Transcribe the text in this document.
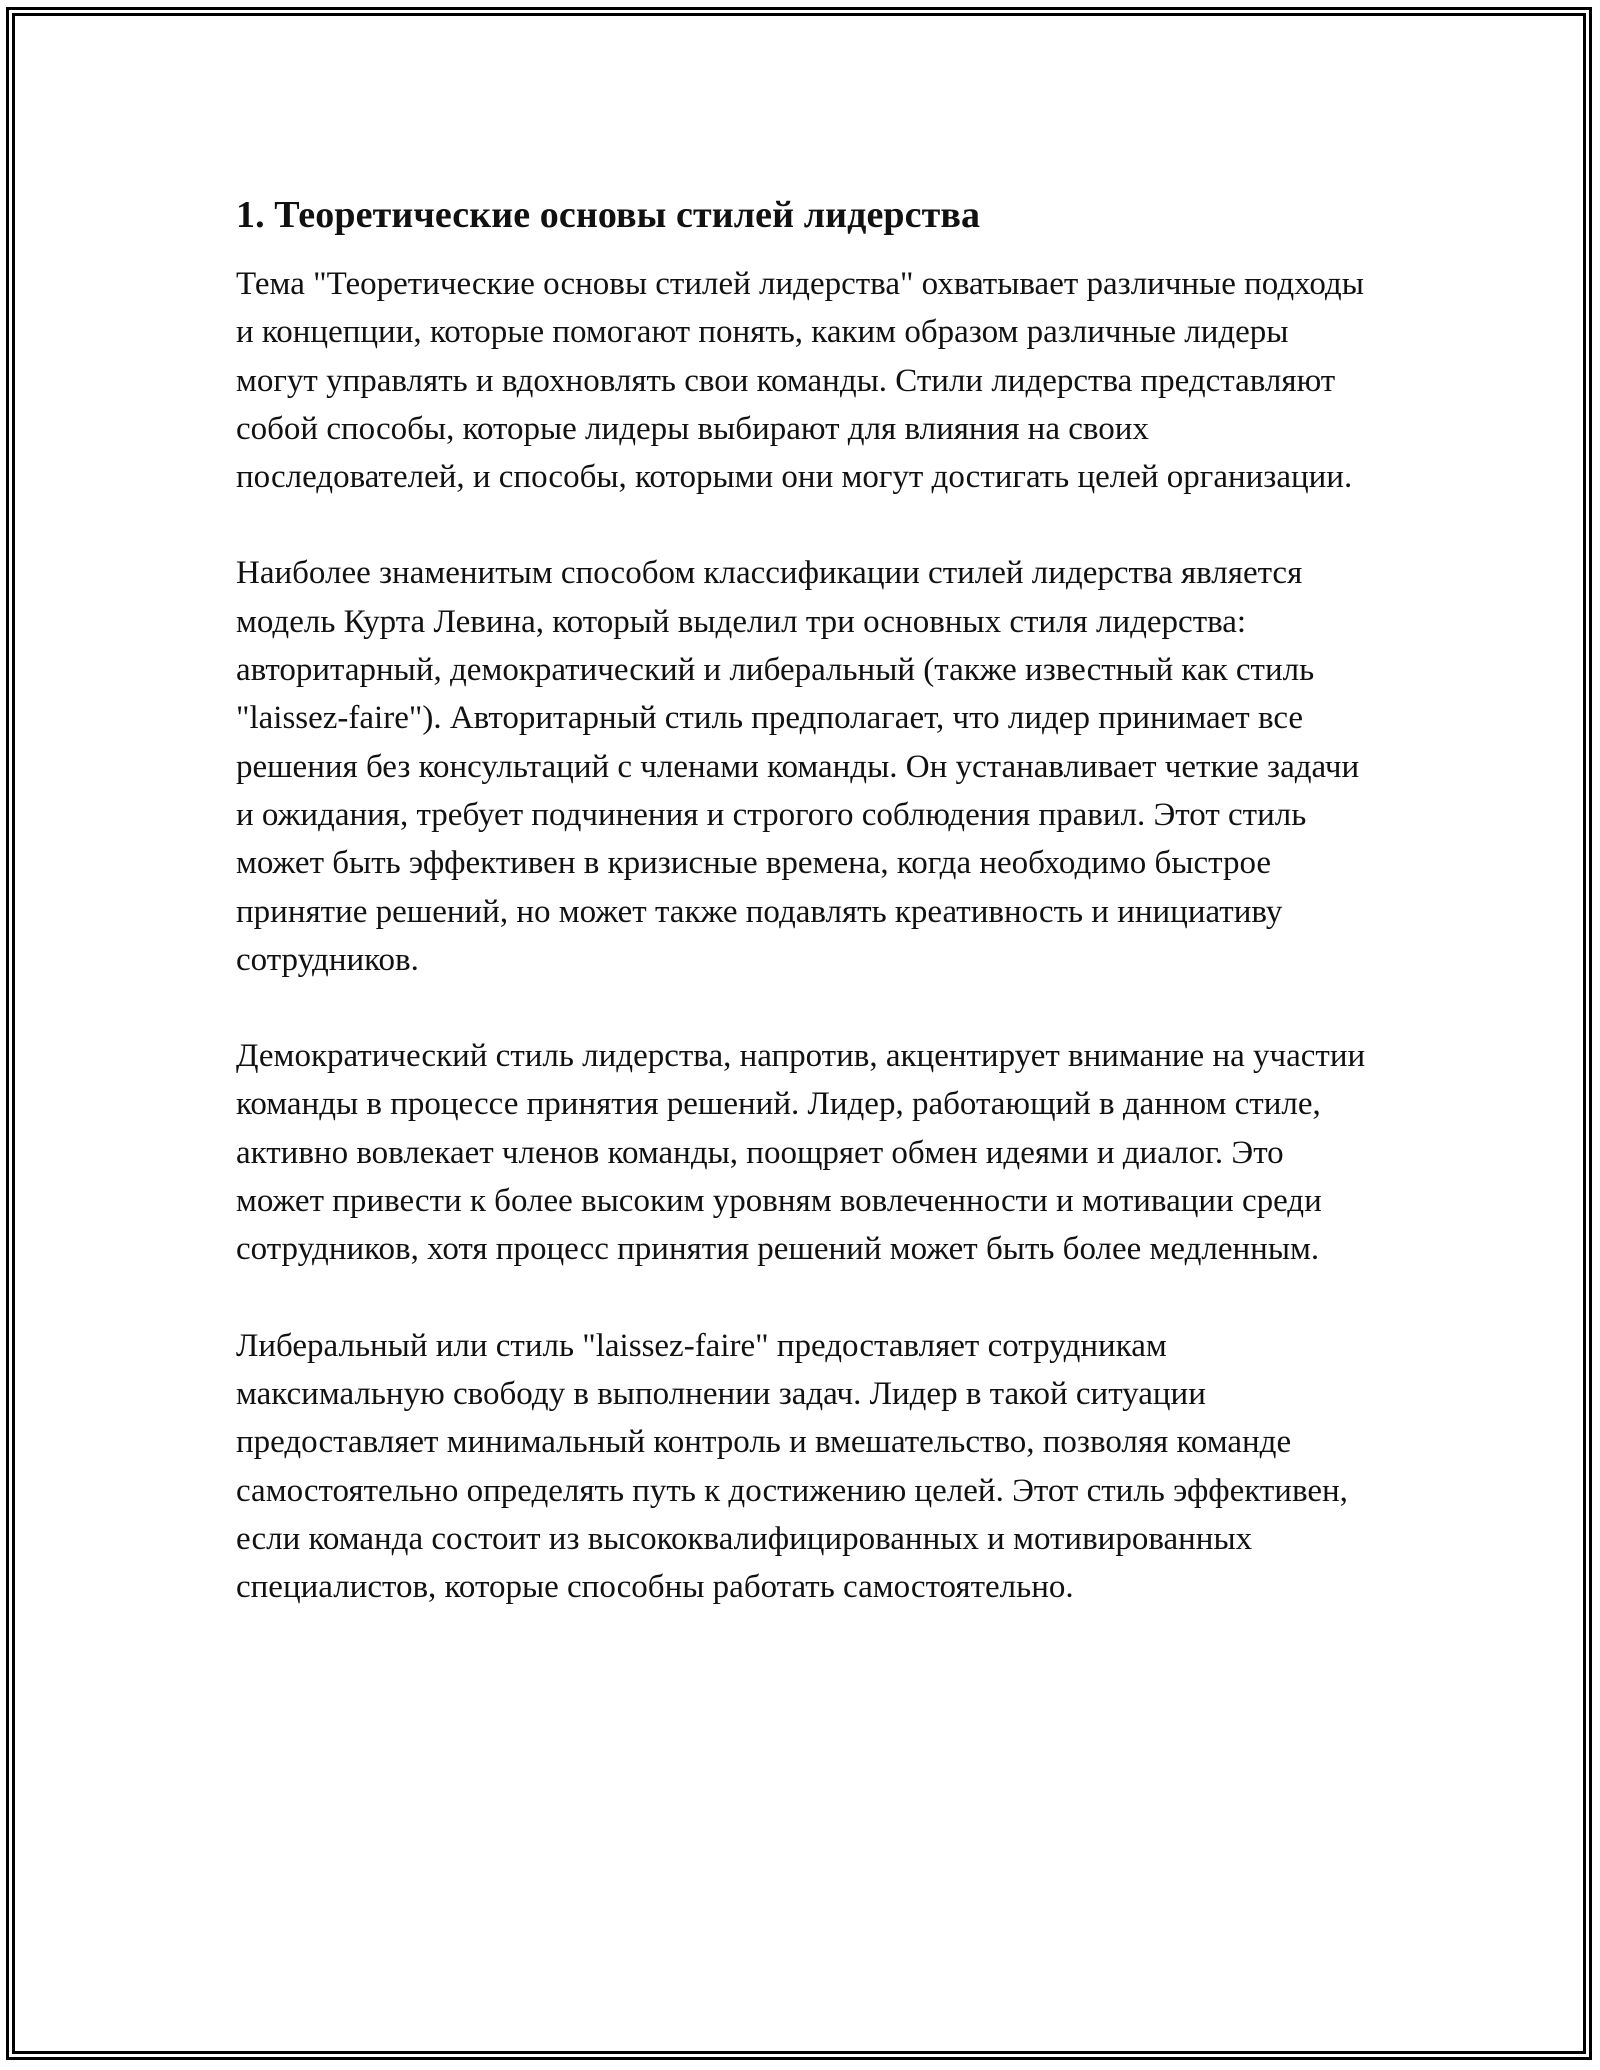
1. Теоретические основы стилей лидерства

Тема "Теоретические основы стилей лидерства" охватывает различные подходы и концепции, которые помогают понять, каким образом различные лидеры могут управлять и вдохновлять свои команды. Стили лидерства представляют собой способы, которые лидеры выбирают для влияния на своих последователей, и способы, которыми они могут достигать целей организации.

Наиболее знаменитым способом классификации стилей лидерства является модель Курта Левина, который выделил три основных стиля лидерства: авторитарный, демократический и либеральный (также известный как стиль "laissez-faire"). Авторитарный стиль предполагает, что лидер принимает все решения без консультаций с членами команды. Он устанавливает четкие задачи и ожидания, требует подчинения и строгого соблюдения правил. Этот стиль может быть эффективен в кризисные времена, когда необходимо быстрое принятие решений, но может также подавлять креативность и инициативу сотрудников.

Демократический стиль лидерства, напротив, акцентирует внимание на участии команды в процессе принятия решений. Лидер, работающий в данном стиле, активно вовлекает членов команды, поощряет обмен идеями и диалог. Это может привести к более высоким уровням вовлеченности и мотивации среди сотрудников, хотя процесс принятия решений может быть более медленным.

Либеральный или стиль "laissez-faire" предоставляет сотрудникам максимальную свободу в выполнении задач. Лидер в такой ситуации предоставляет минимальный контроль и вмешательство, позволяя команде самостоятельно определять путь к достижению целей. Этот стиль эффективен, если команда состоит из высококвалифицированных и мотивированных специалистов, которые способны работать самостоятельно.
